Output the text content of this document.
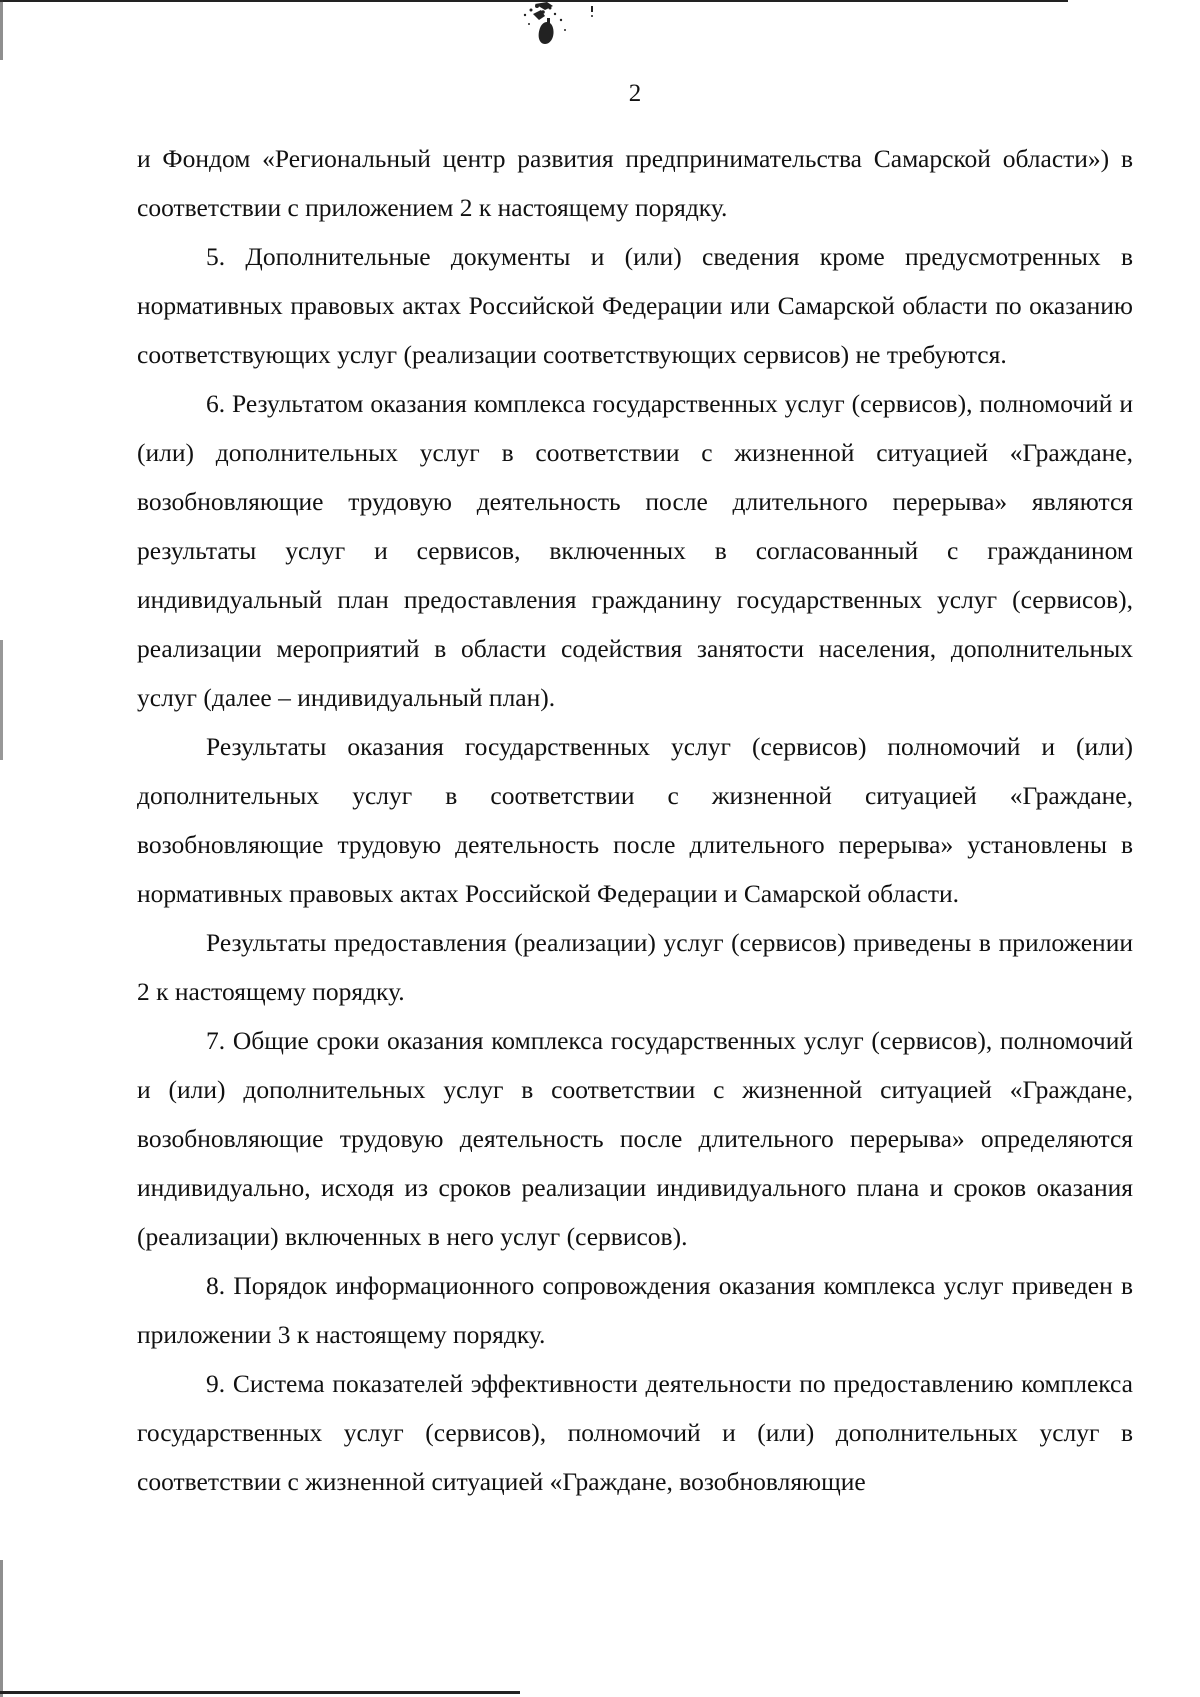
2

и Фондом «Региональный центр развития предпринимательства Самарской области») в соответствии с приложением 2 к настоящему порядку.

5. Дополнительные документы и (или) сведения кроме предусмотренных в нормативных правовых актах Российской Федерации или Самарской области по оказанию соответствующих услуг (реализации соответствующих сервисов) не требуются.

6. Результатом оказания комплекса государственных услуг (сервисов), полномочий и (или) дополнительных услуг в соответствии с жизненной ситуацией «Граждане, возобновляющие трудовую деятельность после длительного перерыва» являются результаты услуг и сервисов, включенных в согласованный с гражданином индивидуальный план предоставления гражданину государственных услуг (сервисов), реализации мероприятий в области содействия занятости населения, дополнительных услуг (далее – индивидуальный план).

Результаты оказания государственных услуг (сервисов) полномочий и (или) дополнительных услуг в соответствии с жизненной ситуацией «Граждане, возобновляющие трудовую деятельность после длительного перерыва» установлены в нормативных правовых актах Российской Федерации и Самарской области.

Результаты предоставления (реализации) услуг (сервисов) приведены в приложении 2 к настоящему порядку.

7. Общие сроки оказания комплекса государственных услуг (сервисов), полномочий и (или) дополнительных услуг в соответствии с жизненной ситуацией «Граждане, возобновляющие трудовую деятельность после длительного перерыва» определяются индивидуально, исходя из сроков реализации индивидуального плана и сроков оказания (реализации) включенных в него услуг (сервисов).

8. Порядок информационного сопровождения оказания комплекса услуг приведен в приложении 3 к настоящему порядку.

9. Система показателей эффективности деятельности по предоставлению комплекса государственных услуг (сервисов), полномочий и (или) дополнительных услуг в соответствии с жизненной ситуацией «Граждане, возобновляющие
